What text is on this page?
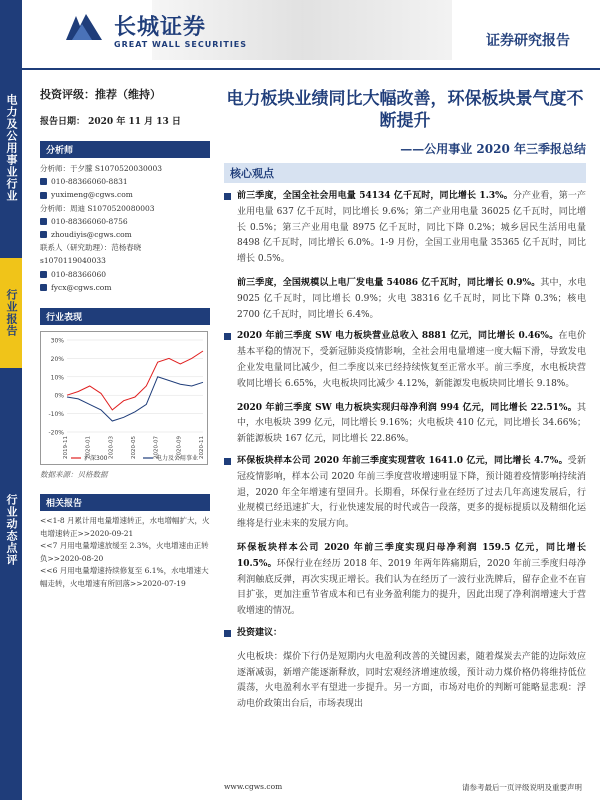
电力及公用事业行业
行业报告
行业动态点评
长城证券
GREAT WALL SECURITIES	证券研究报告
投资评级：推荐（维持）
报告日期： 2020 年 11 月 13 日
分析师
分析师：于夕朦 S1070520030003
010-88366060-8831
yuximeng@cgws.com
分析师：周迪 S1070520080003
010-88366060-8756
zhoudiyis@cgws.com
联系人（研究助理）：范杨春晓
s1070119040033
010-88366060
fycx@cgws.com
行业表现
30%
20%
10%
0%
-10%
-20%
2019-11	2020-01	2020-03	2020-05	2020-07	2020-09	2020-11
沪深300	电力及公用事业
数据来源：贝格数据
相关报告
<<1-8 月累计用电量增速转正，水电增幅扩大，火电增速转正>>2020-09-21
<<7 月用电量增速放缓至 2.3%，火电增速由正转负>>2020-08-20
<<6 月用电量增速持续修复至 6.1%，水电增速大幅走转，火电增速有所回落>>2020-07-19
电力板块业绩同比大幅改善，环保板块景气度不断提升
——公用事业 2020 年三季报总结
核心观点
前三季度，全国全社会用电量 54134 亿千瓦时，同比增长 1.3%。分产业看，第一产业用电量 637 亿千瓦时，同比增长 9.6%；第二产业用电量 36025 亿千瓦时，同比增长 0.5%；第三产业用电量 8975 亿千瓦时，同比下降 0.2%；城乡居民生活用电量 8498 亿千瓦时，同比增长 6.0%。1-9 月份，全国工业用电量 35365 亿千瓦时，同比增长 0.5%。
前三季度，全国规模以上电厂发电量 54086 亿千瓦时，同比增长 0.9%。其中，水电 9025 亿千瓦时，同比增长 0.9%；火电 38316 亿千瓦时，同比下降 0.3%；核电 2700 亿千瓦时，同比增长 6.4%。
2020 年前三季度 SW 电力板块营业总收入 8881 亿元，同比增长 0.46%。在电价基本平稳的情况下，受新冠肺炎疫情影响，全社会用电量增速一度大幅下滑，导致发电企业发电量同比减少，但二季度以来已经持续恢复至正常水平。前三季度，水电板块营收同比增长 6.65%，火电板块同比减少 4.12%，新能源发电板块同比增长 9.18%。
2020 年前三季度 SW 电力板块实现归母净利润 994 亿元，同比增长 22.51%。其中，水电板块 399 亿元，同比增长 9.16%；火电板块 410 亿元，同比增长 34.66%；新能源板块 167 亿元，同比增长 22.86%。
环保板块样本公司 2020 年前三季度实现营收 1641.0 亿元，同比增长 4.7%。受新冠疫情影响，样本公司 2020 年前三季度营收增速明显下降，预计随着疫情影响持续消退，2020 年全年增速有望回升。长期看，环保行业在经历了过去几年高速发展后，行业规模已经迅速扩大，行业快速发展的时代或告一段落，更多的提标提质以及精细化运维将是行业未来的发展方向。
环保板块样本公司 2020 年前三季度实现归母净利润 159.5 亿元，同比增长 10.5%。环保行业在经历 2018 年、2019 年两年阵痛期后，2020 年前三季度归母净利润触底反弹，再次实现正增长。我们认为在经历了一波行业洗牌后，留存企业不在盲目扩张，更加注重节省成本和已有业务盈利能力的提升，因此出现了净利润增速大于营收增速的情况。
投资建议：
火电板块：煤价下行仍是短期内火电盈利改善的关键因素，随着煤炭去产能的边际效应逐渐减弱，新增产能逐渐释放，同时宏观经济增速放缓，预计动力煤价格仍将维持低位震荡，火电盈利水平有望进一步提升。另一方面，市场对电价的判断可能略显悲观：浮动电价政策出台后，市场表现出
www.cgws.com	请参考最后一页评级说明及重要声明
